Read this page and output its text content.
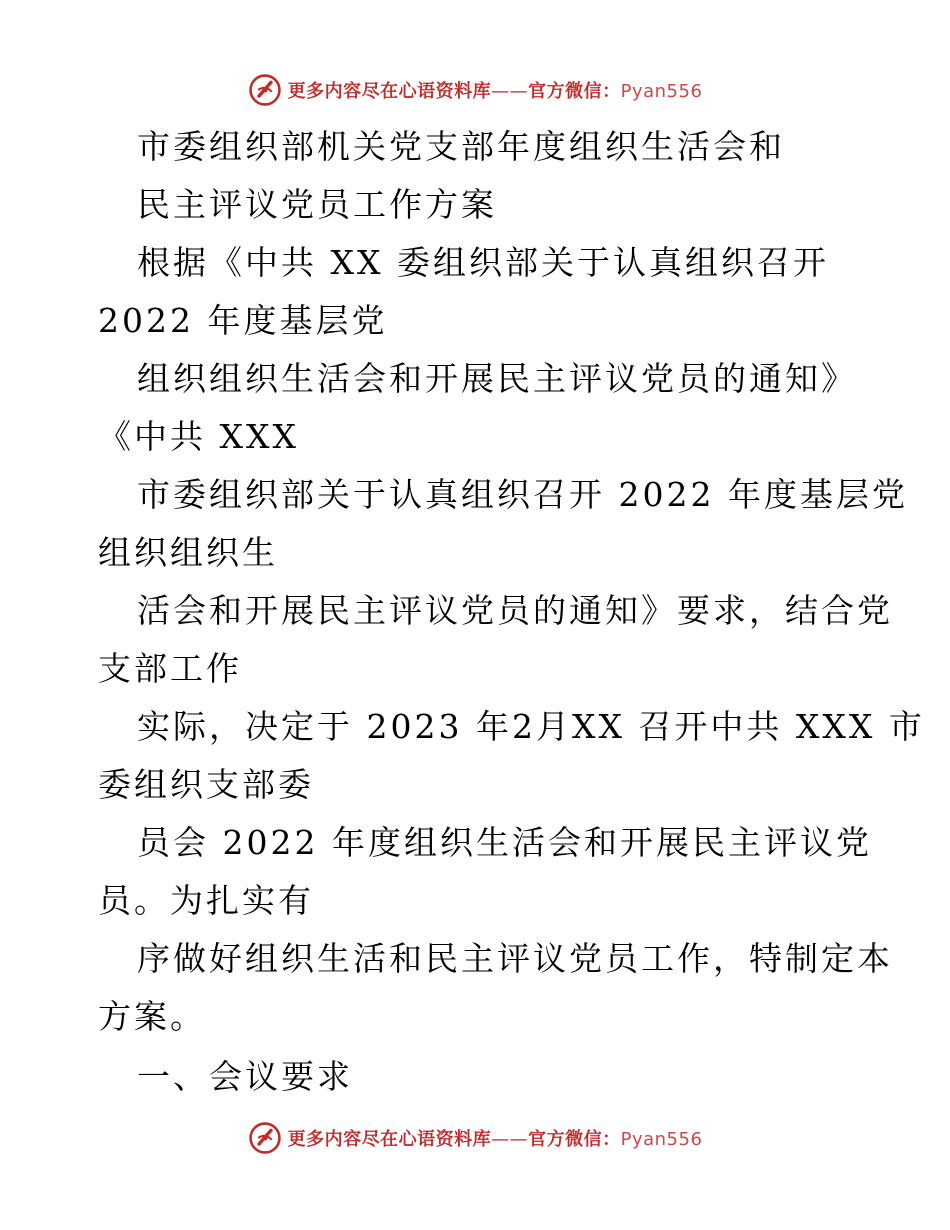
更多内容尽在心语资料库——官方微信：Pyan556
市委组织部机关党支部年度组织生活会和
民主评议党员工作方案
根据《中共 XX 委组织部关于认真组织召开
2022 年度基层党
组织组织生活会和开展民主评议党员的通知》
《中共 XXX
市委组织部关于认真组织召开 2022 年度基层党
组织组织生
活会和开展民主评议党员的通知》要求，结合党
支部工作
实际，决定于 2023 年2月XX 召开中共 XXX 市
委组织支部委
员会 2022 年度组织生活会和开展民主评议党
员。为扎实有
序做好组织生活和民主评议党员工作，特制定本
方案。
一、会议要求
更多内容尽在心语资料库——官方微信：Pyan556
